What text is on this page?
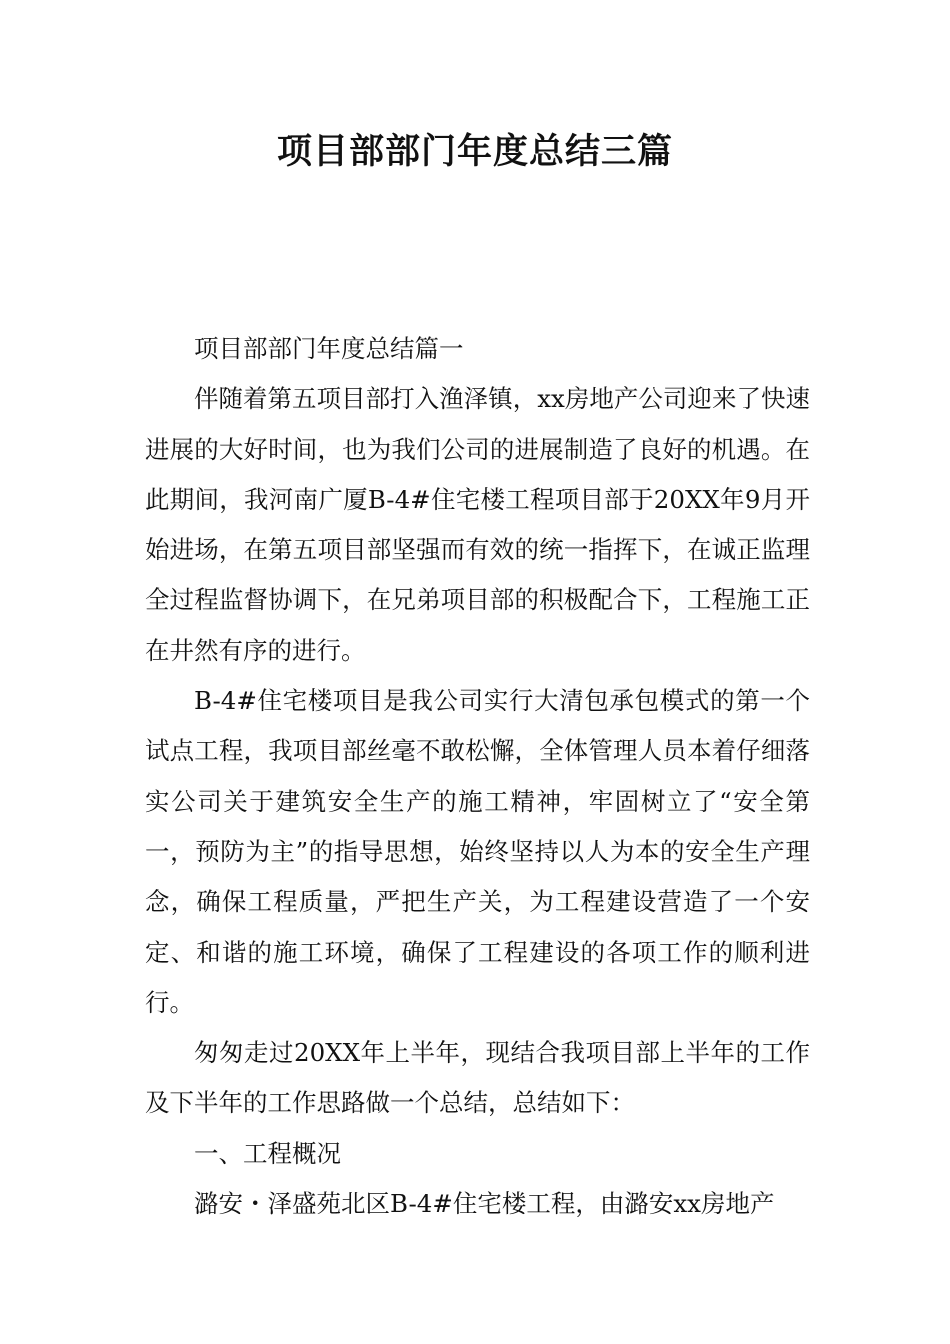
项目部部门年度总结三篇

项目部部门年度总结篇一

伴随着第五项目部打入渔泽镇，xx房地产公司迎来了快速进展的大好时间，也为我们公司的进展制造了良好的机遇。在此期间，我河南广厦B-4#住宅楼工程项目部于20XX年9月开始进场，在第五项目部坚强而有效的统一指挥下，在诚正监理全过程监督协调下，在兄弟项目部的积极配合下，工程施工正在井然有序的进行。

B-4#住宅楼项目是我公司实行大清包承包模式的第一个试点工程，我项目部丝毫不敢松懈，全体管理人员本着仔细落实公司关于建筑安全生产的施工精神，牢固树立了“安全第一，预防为主”的指导思想，始终坚持以人为本的安全生产理念，确保工程质量，严把生产关，为工程建设营造了一个安定、和谐的施工环境，确保了工程建设的各项工作的顺利进行。

匆匆走过20XX年上半年，现结合我项目部上半年的工作及下半年的工作思路做一个总结，总结如下：

一、工程概况

潞安・泽盛苑北区B-4#住宅楼工程，由潞安xx房地产
